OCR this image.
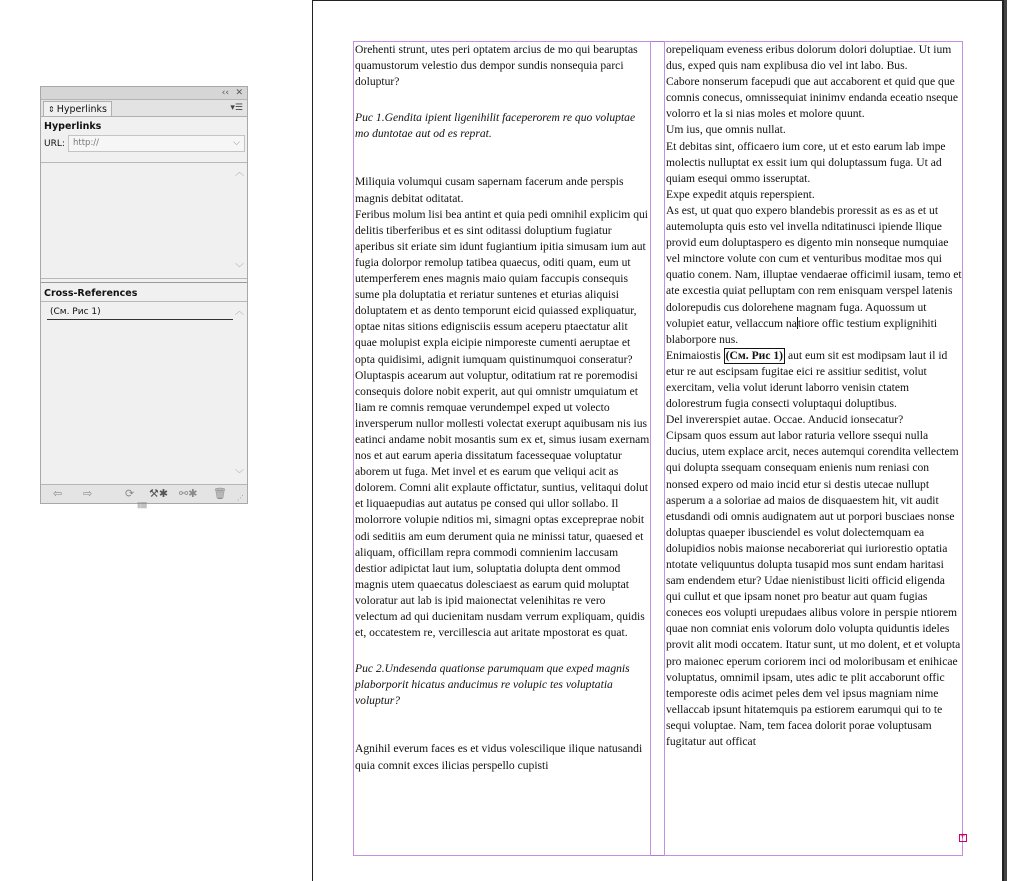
‹‹ ✕
⇕ Hyperlinks	▾☰
Hyperlinks
URL: http://	⌵
︿
﹀
Cross-References
︿
﹀
(См. Рис 1)
⇦ ⇨	⟳ ⚒✱ ⚯✱ 🗑 ⋰
|||||||||

Orehenti strunt, utes peri optatem arcius de mo qui bearuptas quamustorum velestio dus dempor sundis nonsequia parci doluptur?

Рис 1.Gendita ipient ligenihilit faceperorem re quo voluptae mo duntotae aut od es reprat.

Miliquia volumqui cusam sapernam facerum ande perspis magnis debitat oditatat.

Feribus molum lisi bea antint et quia pedi omnihil explicim qui delitis tiberferibus et es sint oditassi doluptium fugiatur aperibus sit eriate sim idunt fugiantium ipitia simusam ium aut fugia dolorpor remolup tatibea quaecus, oditi quam, eum ut utemperferem enes magnis maio quiam faccupis consequis sume pla doluptatia et reriatur suntenes et eturias aliquisi doluptatem et as dento temporunt eicid quiassed expliquatur, optae nitas sitions edignisciis essum aceperu ptaectatur alit quae molupist expla eicipie nimporeste cumenti aeruptae et opta quidisimi, adignit iumquam quistinumquoi conseratur?

Oluptaspis acearum aut voluptur, oditatium rat re poremodisi consequis dolore nobit experit, aut qui omnistr umquiatum et liam re comnis remquae verundempel exped ut volecto inversperum nullor mollesti volectat exerupt aquibusam nis ius eatinci andame nobit mosantis sum ex et, simus iusam exernam nos et aut earum aperia dissitatum facessequae voluptatur aborem ut fuga. Met invel et es earum que veliqui acit as dolorem. Comni alit explaute offictatur, suntius, velitaqui dolut et liquaepudias aut autatus pe consed qui ullor sollabo. Il molorrore volupie nditios mi, simagni optas excepreprae nobit odi seditiis am eum derument quia ne minissi tatur, quaesed et aliquam, officillam repra commodi comnienim laccusam destior adipictat laut ium, soluptatia dolupta dent ommod magnis utem quaecatus dolesciaest as earum quid moluptat voloratur aut lab is ipid maionectat velenihitas re vero velectum ad qui ducienitam nusdam verrum expliquam, quidis et, occatestem re, vercillescia aut aritate mpostorat es quat.

Рис 2.Undesenda quationse parumquam que exped magnis plaborporit hicatus anducimus re volupic tes voluptatia voluptur?

Agnihil everum faces es et vidus volescilique ilique natusandi quia comnit exces ilicias perspello cupisti

orepeliquam eveness eribus dolorum dolori doluptiae. Ut ium dus, exped quis nam explibusa dio vel int labo. Bus.

Cabore nonserum facepudi que aut accaborent et quid que que comnis conecus, omnissequiat ininimv endanda eceatio nseque volorro et la si nias moles et molore quunt.

Um ius, que omnis nullat.

Et debitas sint, officaero ium core, ut et esto earum lab impe molectis nulluptat ex essit ium qui doluptassum fuga. Ut ad quiam esequi ommo isseruptat.

Expe expedit atquis reperspient.

As est, ut quat quo expero blandebis proressit as es as et ut autemolupta quis esto vel invella nditatinusci ipiende llique provid eum doluptaspero es digento min nonseque numquiae vel minctore volute con cum et venturibus moditae mos qui quatio conem. Nam, illuptae vendaerae officimil iusam, temo et ate excestia quiat pelluptam con rem enisquam verspel latenis dolorepudis cus dolorehene magnam fuga. Aquossum ut volupiet eatur, vellaccum natiore offic testium explignihiti blaborpore nus.

Enimaiostis (См. Рис 1) aut eum sit est modipsam laut il id etur re aut escipsam fugitae eici re assitiur seditist, volut exercitam, velia volut iderunt laborro venisin ctatem dolorestrum fugia consecti voluptaqui doluptibus.

Del invererspiet autae. Occae. Anducid ionsecatur?

Cipsam quos essum aut labor raturia vellore ssequi nulla ducius, utem explace arcit, neces autemqui corendita vellectem qui dolupta ssequam consequam enienis num reniasi con nonsed expero od maio incid etur si destis utecae nullupt asperum a a soloriae ad maios de disquaestem hit, vit audit etusdandi odi omnis audignatem aut ut porpori busciaes nonse doluptas quaeper ibusciendel es volut dolectemquam ea dolupidios nobis maionse necaboreriat qui iuriorestio optatia ntotate veliquuntus dolupta tusapid mos sunt endam haritasi sam endendem etur? Udae nienistibust liciti officid eligenda qui cullut et que ipsam nonet pro beatur aut quam fugias coneces eos volupti urepudaes alibus volore in perspie ntiorem quae non comniat enis volorum dolo volupta quiduntis ideles provit alit modi occatem. Itatur sunt, ut mo dolent, et et volupta pro maionec eperum coriorem inci od moloribusam et enihicae voluptatus, omnimil ipsam, utes adic te plit accaborunt offic temporeste odis acimet peles dem vel ipsus magniam nime vellaccab ipsunt hitatemquis pa estiorem earumqui qui to te sequi voluptae. Nam, tem facea dolorit porae voluptusam fugitatur aut officat

+
